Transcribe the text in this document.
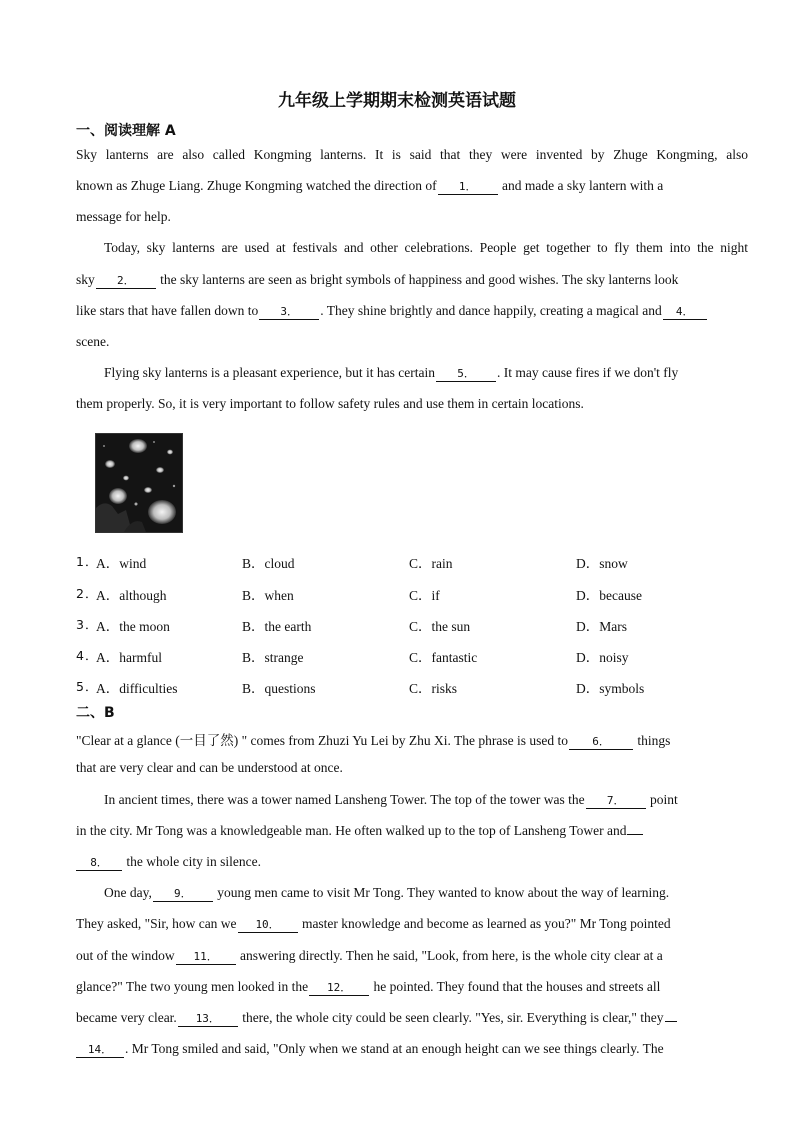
九年级上学期期末检测英语试题
一、阅读理解 A
Sky lanterns are also called Kongming lanterns. It is said that they were invented by Zhuge Kongming, also
known as Zhuge Liang. Zhuge Kongming watched the direction of 1． and made a sky lantern with a
message for help.
Today, sky lanterns are used at festivals and other celebrations. People get together to fly them into the night
sky 2． the sky lanterns are seen as bright symbols of happiness and good wishes. The sky lanterns look
like stars that have fallen down to 3． . They shine brightly and dance happily, creating a magical and 4．
scene.
Flying sky lanterns is a pleasant experience, but it has certain 5． . It may cause fires if we don't fly
them properly. So, it is very important to follow safety rules and use them in certain locations.
1．
A．wind	B．cloud	C．rain	D．snow
2．
A．although	B．when	C．if	D．because
3．
A．the moon	B．the earth	C．the sun	D．Mars
4．
A．harmful	B．strange	C．fantastic	D．noisy
5．
A．difficulties	B．questions	C．risks	D．symbols
二、B
"Clear at a glance (一目了然) " comes from Zhuzi Yu Lei by Zhu Xi. The phrase is used to 6． things
that are very clear and can be understood at once.
In ancient times, there was a tower named Lansheng Tower. The top of the tower was the 7． point
in the city. Mr Tong was a knowledgeable man. He often walked up to the top of Lansheng Tower and
8． the whole city in silence.
One day, 9． young men came to visit Mr Tong. They wanted to know about the way of learning.
They asked, "Sir, how can we 10． master knowledge and become as learned as you?" Mr Tong pointed
out of the window 11． answering directly. Then he said, "Look, from here, is the whole city clear at a
glance?" The two young men looked in the 12． he pointed. They found that the houses and streets all
became very clear. 13． there, the whole city could be seen clearly. "Yes, sir. Everything is clear," they
14． . Mr Tong smiled and said, "Only when we stand at an enough height can we see things clearly. The
